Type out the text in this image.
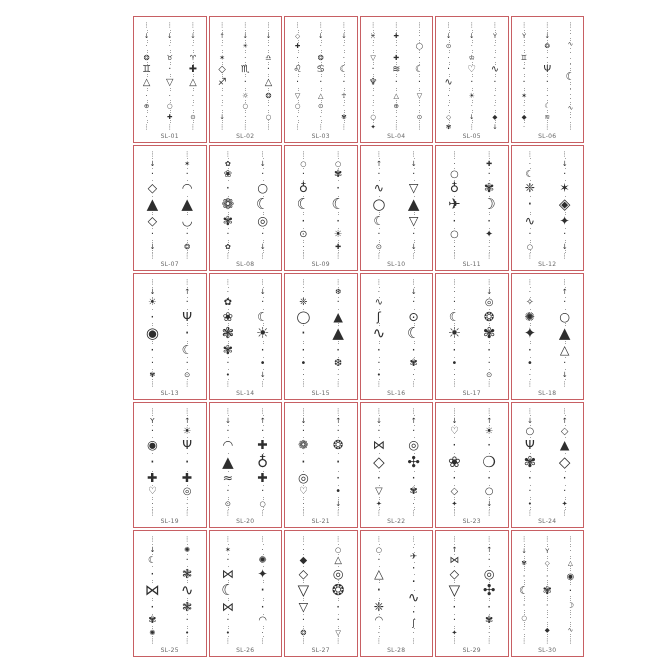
⋮
↓
·
❂
♊
△
·
⊕
·
⋮
⋮
↓
·
♉
·
▽
·
○
✚
⋮
⋮
↓
·
♈
✚
△
·
·
⊙
⋮
SL-01
⋮
↑
·
✶
◇
♐
·
·
↓
⋮
⋮
↓
☀
·
♏
·
☼
○
·
⋮
⋮
↓
·
♎
·
△
❂
·
○
⋮
SL-02
⋮
◇
✚
·
♌
·
▽
○
·
⋮
⋮
↓
·
❂
♋
·
△
⊙
·
⋮
⋮
↓
·
·
☾
·
☥
·
✾
⋮
SL-03
⋮
♓
·
▽
·
♆
·
·
○
✦
⋮
✚
·
✚
≋
·
△
⊕
·
⋮
⋮
·
◯
·
☾
·
▽
·
⊙
⋮
SL-04
⋮
↓
⊙
·
·
∿
·
·
◇
✾
⋮
↓
·
♔
♡
·
☀
·
↓
⋮
⋮
Y
·
·
∿
·
·
·
◆
↓
SL-05
⋮
Y
·
♊
·
·
✶
·
◆
·
⋮
↓
❂
·
Ψ
·
·
☾
≋
⋮
⋮
·
∿
·
·
☾
·
·
∿
·
⋮
SL-06
⋮
↓
·
◇
▲
◇
·
↓
⋮
⋮
✶
·
◠
▲
◡
·
❂
⋮
SL-07
⋮
✿
❀
·
❁
✾
·
✿
⋮
⋮
↓
·
○
☾
◎
·
↓
⋮
SL-08
⋮
○
·
♁
☾
·
⊙
·
⋮
⋮
○
✾
·
☾
·
☀
✚
⋮
SL-09
⋮
↑
·
∿
○
☾
·
⊙
⋮
⋮
↓
·
▽
▲
▽
·
↓
⋮
SL-10
⋮
·
○
♁
✈
·
○
·
⋮
⋮
✚
·
✾
☽
·
✦
·
⋮
SL-11
⋮
·
☾
❈
·
∿
·
○
⋮
⋮
↓
·
✶
◈
✦
·
↓
⋮
SL-12
⋮
↓
☀
·
◉
·
·
✾
⋮
⋮
↑
·
Ψ
·
☾
·
⊙
⋮
SL-13
⋮
·
✿
❀
❃
✾
·
•
⋮
⋮
↓
·
☾
☀
·
•
↓
⋮
SL-14
⋮
·
❈
◯
·
·
•
·
⋮
⋮
❆
·
▲
▲
·
❆
·
⋮
SL-15
⋮
·
∿
ʃ
∿
·
·
•
⋮
⋮
↓
·
⊙
☾
·
✾
·
⋮
SL-16
⋮
·
·
☾
☀
·
•
·
⋮
⋮
↓
◎
❂
✾
·
·
⊙
⋮
SL-17
⋮
·
✧
✺
✦
·
•
·
⋮
⋮
↑
·
○
▲
△
·
↓
⋮
SL-18
⋮
Y
·
◉
·
✚
♡
·
⋮
⋮
↑
☀
Ψ
·
✚
◎
·
⋮
SL-19
⋮
↓
·
◠
▲
≈
·
⊙
⋮
⋮
↑
·
✚
♁
✚
·
○
⋮
SL-20
⋮
↓
·
❁
·
◎
♡
·
⋮
⋮
↑
·
❂
·
·
•
↓
⋮
SL-21
⋮
↓
·
⋈
◇
·
▽
✦
⋮
⋮
↑
·
◎
✣
·
✾
·
⋮
SL-22
⋮
↓
♡
·
❀
·
◇
✦
⋮
⋮
↑
☀
·
❍
·
○
↓
⋮
SL-23
⋮
↓
○
Ψ
✾
·
·
•
⋮
⋮
↑
◇
▲
◇
·
·
✦
⋮
SL-24
⋮
↓
☾
·
⋈
·
✾
✺
⋮
⋮
✺
·
❃
∿
❃
·
•
⋮
SL-25
⋮
✶
·
⋈
☾
⋈
·
•
⋮
⋮
·
✺
✦
·
·
◠
·
⋮
SL-26
⋮
·
◆
◇
▽
▽
·
❂
⋮
⋮
○
△
◎
❂
·
·
▽
⋮
SL-27
⋮
○
·
△
·
❈
◠
·
⋮
⋮
·
✈
·
·
∿
·
ʃ
·
⋮
SL-28
⋮
↑
⋈
◇
▽
·
·
✦
⋮
⋮
↑
·
◎
✣
·
✾
·
⋮
SL-29
⋮
↓
✾
·
☾
·
○
·
⋮
⋮
Y
◇
·
✾
·
·
◆
⋮
⋮
·
△
◉
·
☽
·
∿
⋮
SL-30
